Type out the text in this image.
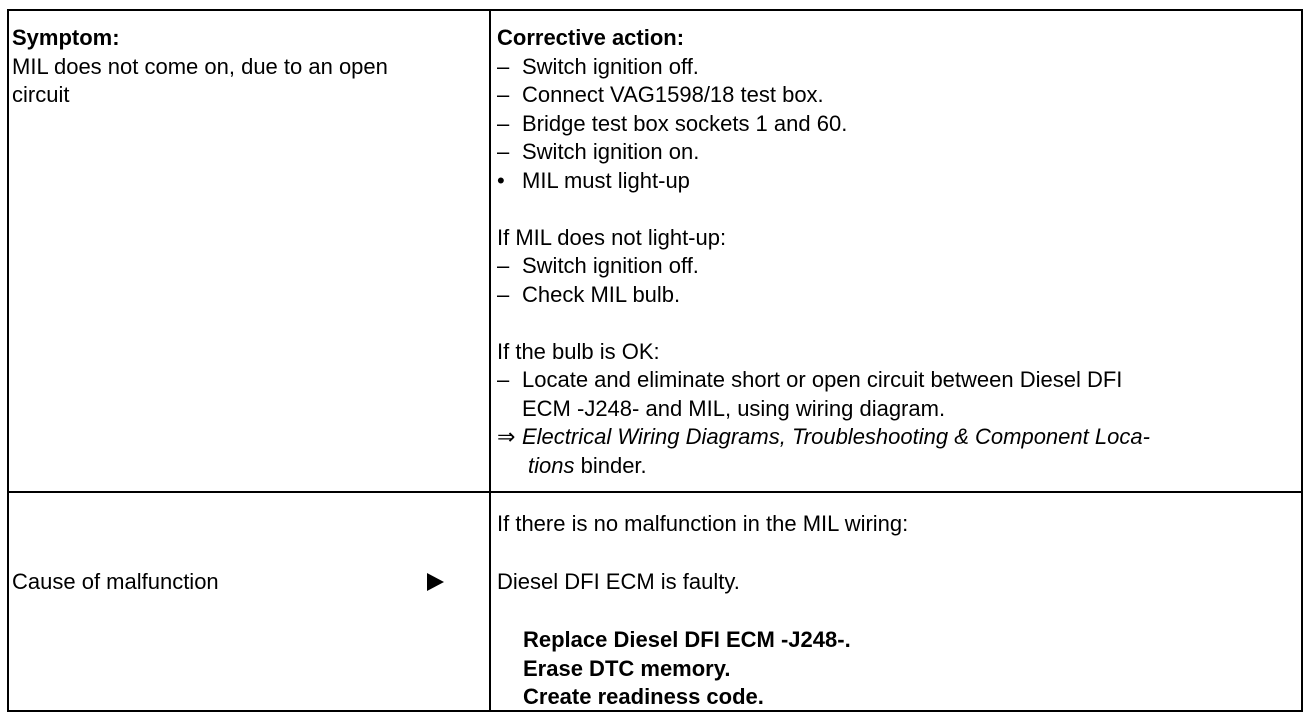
Symptom:
MIL does not come on, due to an open
circuit
Corrective action:
– Switch ignition off.
– Connect VAG1598/18 test box.
– Bridge test box sockets 1 and 60.
– Switch ignition on.
• MIL must light-up
If MIL does not light-up:
– Switch ignition off.
– Check MIL bulb.
If the bulb is OK:
– Locate and eliminate short or open circuit between Diesel DFI
ECM -J248- and MIL, using wiring diagram.
⇒ Electrical Wiring Diagrams, Troubleshooting & Component Loca-
tions binder.
Cause of malfunction
If there is no malfunction in the MIL wiring:
Diesel DFI ECM is faulty.
Replace Diesel DFI ECM -J248-.
Erase DTC memory.
Create readiness code.
